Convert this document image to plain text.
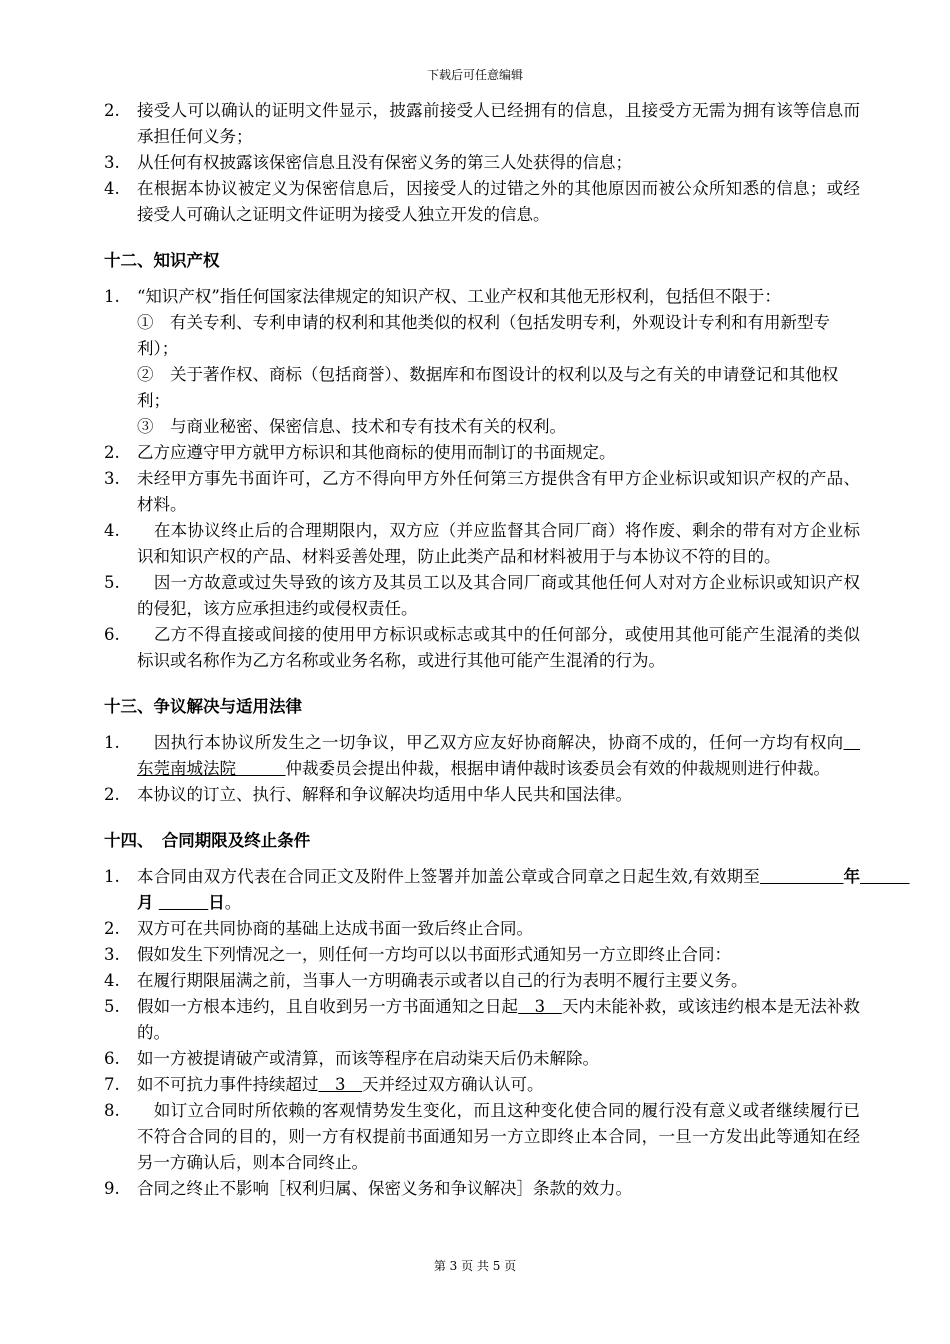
下载后可任意编辑
2.	接受人可以确认的证明文件显示，披露前接受人已经拥有的信息，且接受方无需为拥有该等信息而承担任何义务；
3.	从任何有权披露该保密信息且没有保密义务的第三人处获得的信息；
4.	在根据本协议被定义为保密信息后，因接受人的过错之外的其他原因而被公众所知悉的信息；或经接受人可确认之证明文件证明为接受人独立开发的信息。
十二、知识产权
1.	“知识产权”指任何国家法律规定的知识产权、工业产权和其他无形权利，包括但不限于：
①　有关专利、专利申请的权利和其他类似的权利（包括发明专利，外观设计专利和有用新型专利）；
②　关于著作权、商标（包括商誉）、数据库和布图设计的权利以及与之有关的申请登记和其他权利；
③　与商业秘密、保密信息、技术和专有技术有关的权利。
2.	乙方应遵守甲方就甲方标识和其他商标的使用而制订的书面规定。
3.	未经甲方事先书面许可，乙方不得向甲方外任何第三方提供含有甲方企业标识或知识产权的产品、材料。
4.	　在本协议终止后的合理期限内，双方应（并应监督其合同厂商）将作废、剩余的带有对方企业标识和知识产权的产品、材料妥善处理，防止此类产品和材料被用于与本协议不符的目的。
5.	　因一方故意或过失导致的该方及其员工以及其合同厂商或其他任何人对对方企业标识或知识产权的侵犯，该方应承担违约或侵权责任。
6.	　乙方不得直接或间接的使用甲方标识或标志或其中的任何部分，或使用其他可能产生混淆的类似标识或名称作为乙方名称或业务名称，或进行其他可能产生混淆的行为。
十三、争议解决与适用法律
1.	　因执行本协议所发生之一切争议，甲乙双方应友好协商解决，协商不成的，任何一方均有权向　东莞南城法院　　　仲裁委员会提出仲裁，根据申请仲裁时该委员会有效的仲裁规则进行仲裁。
2.	本协议的订立、执行、解释和争议解决均适用中华人民共和国法律。
十四、　合同期限及终止条件
1.	本合同由双方代表在合同正文及附件上签署并加盖公章或合同章之日起生效,有效期至　　　　　	年　　　月 　　　	日。
2.	双方可在共同协商的基础上达成书面一致后终止合同。
3.	假如发生下列情况之一，则任何一方均可以以书面形式通知另一方立即终止合同：
4.	在履行期限届满之前，当事人一方明确表示或者以自己的行为表明不履行主要义务。
5.	假如一方根本违约，且自收到另一方书面通知之日起　3　天内未能补救，或该违约根本是无法补救的。
6.	如一方被提请破产或清算，而该等程序在启动柒天后仍未解除。
7.	如不可抗力事件持续超过　3　天并经过双方确认认可。
8.	　如订立合同时所依赖的客观情势发生变化，而且这种变化使合同的履行没有意义或者继续履行已不符合合同的目的，则一方有权提前书面通知另一方立即终止本合同，一旦一方发出此等通知在经另一方确认后，则本合同终止。
9.	合同之终止不影响［权利归属、保密义务和争议解决］条款的效力。
第 3 页 共 5 页
